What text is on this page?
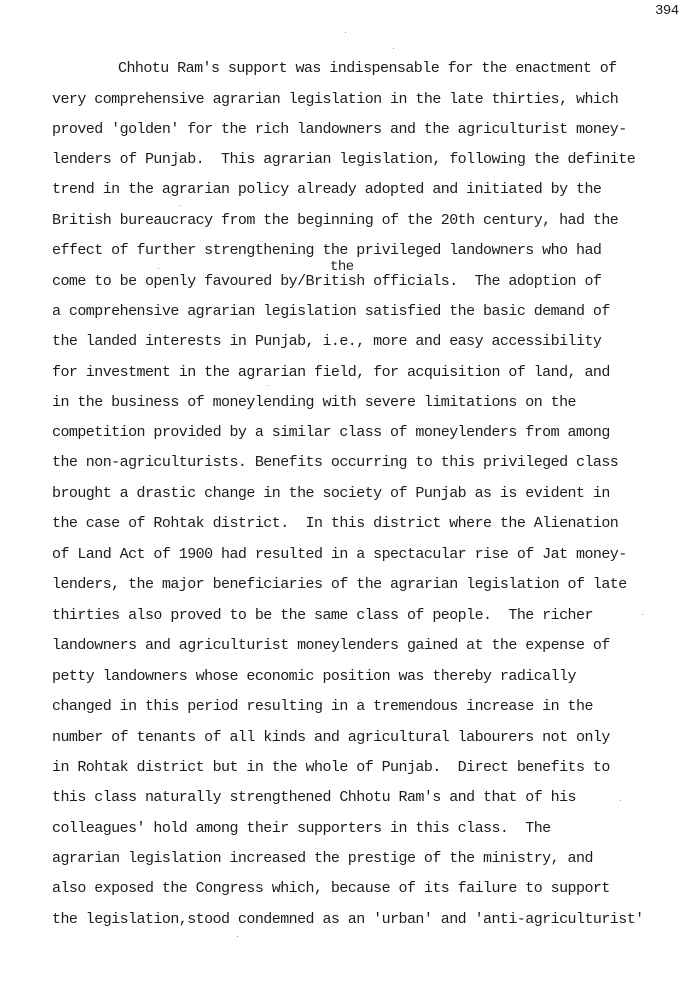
394
Chhotu Ram's support was indispensable for the enactment of
very comprehensive agrarian legislation in the late thirties, which
proved 'golden' for the rich landowners and the agriculturist money-
lenders of Punjab.  This agrarian legislation, following the definite
trend in the agrarian policy already adopted and initiated by the
British bureaucracy from the beginning of the 20th century, had the
effect of further strengthening the privileged landowners who had
the
come to be openly favoured by/British officials.  The adoption of
a comprehensive agrarian legislation satisfied the basic demand of
the landed interests in Punjab, i.e., more and easy accessibility
for investment in the agrarian field, for acquisition of land, and
in the business of moneylending with severe limitations on the
competition provided by a similar class of moneylenders from among
the non-agriculturists. Benefits occurring to this privileged class
brought a drastic change in the society of Punjab as is evident in
the case of Rohtak district.  In this district where the Alienation
of Land Act of 1900 had resulted in a spectacular rise of Jat money-
lenders, the major beneficiaries of the agrarian legislation of late
thirties also proved to be the same class of people.  The richer
landowners and agriculturist moneylenders gained at the expense of
petty landowners whose economic position was thereby radically
changed in this period resulting in a tremendous increase in the
number of tenants of all kinds and agricultural labourers not only
in Rohtak district but in the whole of Punjab.  Direct benefits to
this class naturally strengthened Chhotu Ram's and that of his
colleagues' hold among their supporters in this class.  The
agrarian legislation increased the prestige of the ministry, and
also exposed the Congress which, because of its failure to support
the legislation,stood condemned as an 'urban' and 'anti-agriculturist'
